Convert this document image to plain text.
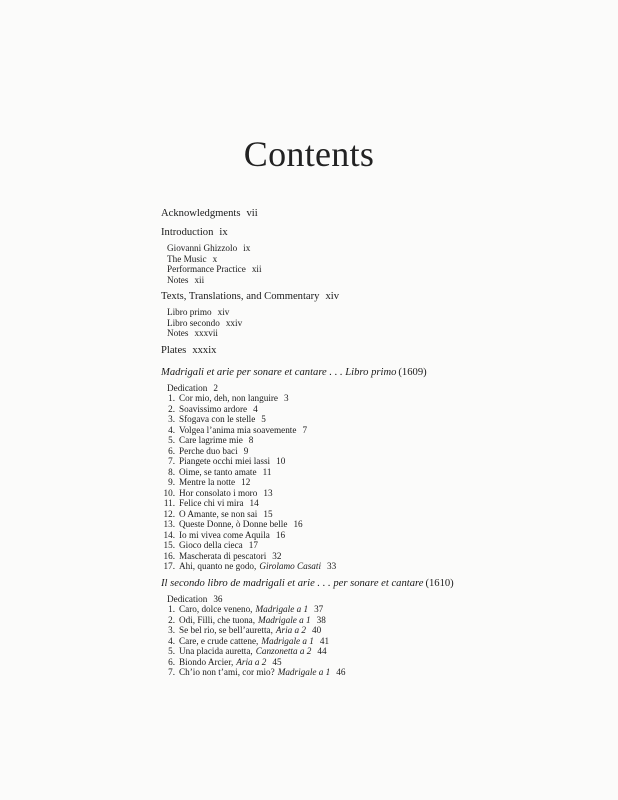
Contents
Acknowledgments vii
Introduction ix
Giovanni Ghizzolo ix
The Music x
Performance Practice xii
Notes xii
Texts, Translations, and Commentary xiv
Libro primo xiv
Libro secondo xxiv
Notes xxxvii
Plates xxxix
Madrigali et arie per sonare et cantare . . . Libro primo (1609)
Dedication 2
1. Cor mio, deh, non languire 3
2. Soavissimo ardore 4
3. Sfogava con le stelle 5
4. Volgea l’anima mia soavemente 7
5. Care lagrime mie 8
6. Perche duo baci 9
7. Piangete occhi miei lassi 10
8. Oime, se tanto amate 11
9. Mentre la notte 12
10. Hor consolato i moro 13
11. Felice chi vi mira 14
12. O Amante, se non sai 15
13. Queste Donne, ò Donne belle 16
14. Io mi vivea come Aquila 16
15. Gioco della cieca 17
16. Mascherata di pescatori 32
17. Ahi, quanto ne godo, Girolamo Casati 33
Il secondo libro de madrigali et arie . . . per sonare et cantare (1610)
Dedication 36
1. Caro, dolce veneno, Madrigale a 1 37
2. Odi, Filli, che tuona, Madrigale a 1 38
3. Se bel rio, se bell’auretta, Aria a 2 40
4. Care, e crude cattene, Madrigale a 1 41
5. Una placida auretta, Canzonetta a 2 44
6. Biondo Arcier, Aria a 2 45
7. Ch’io non t’ami, cor mio? Madrigale a 1 46
